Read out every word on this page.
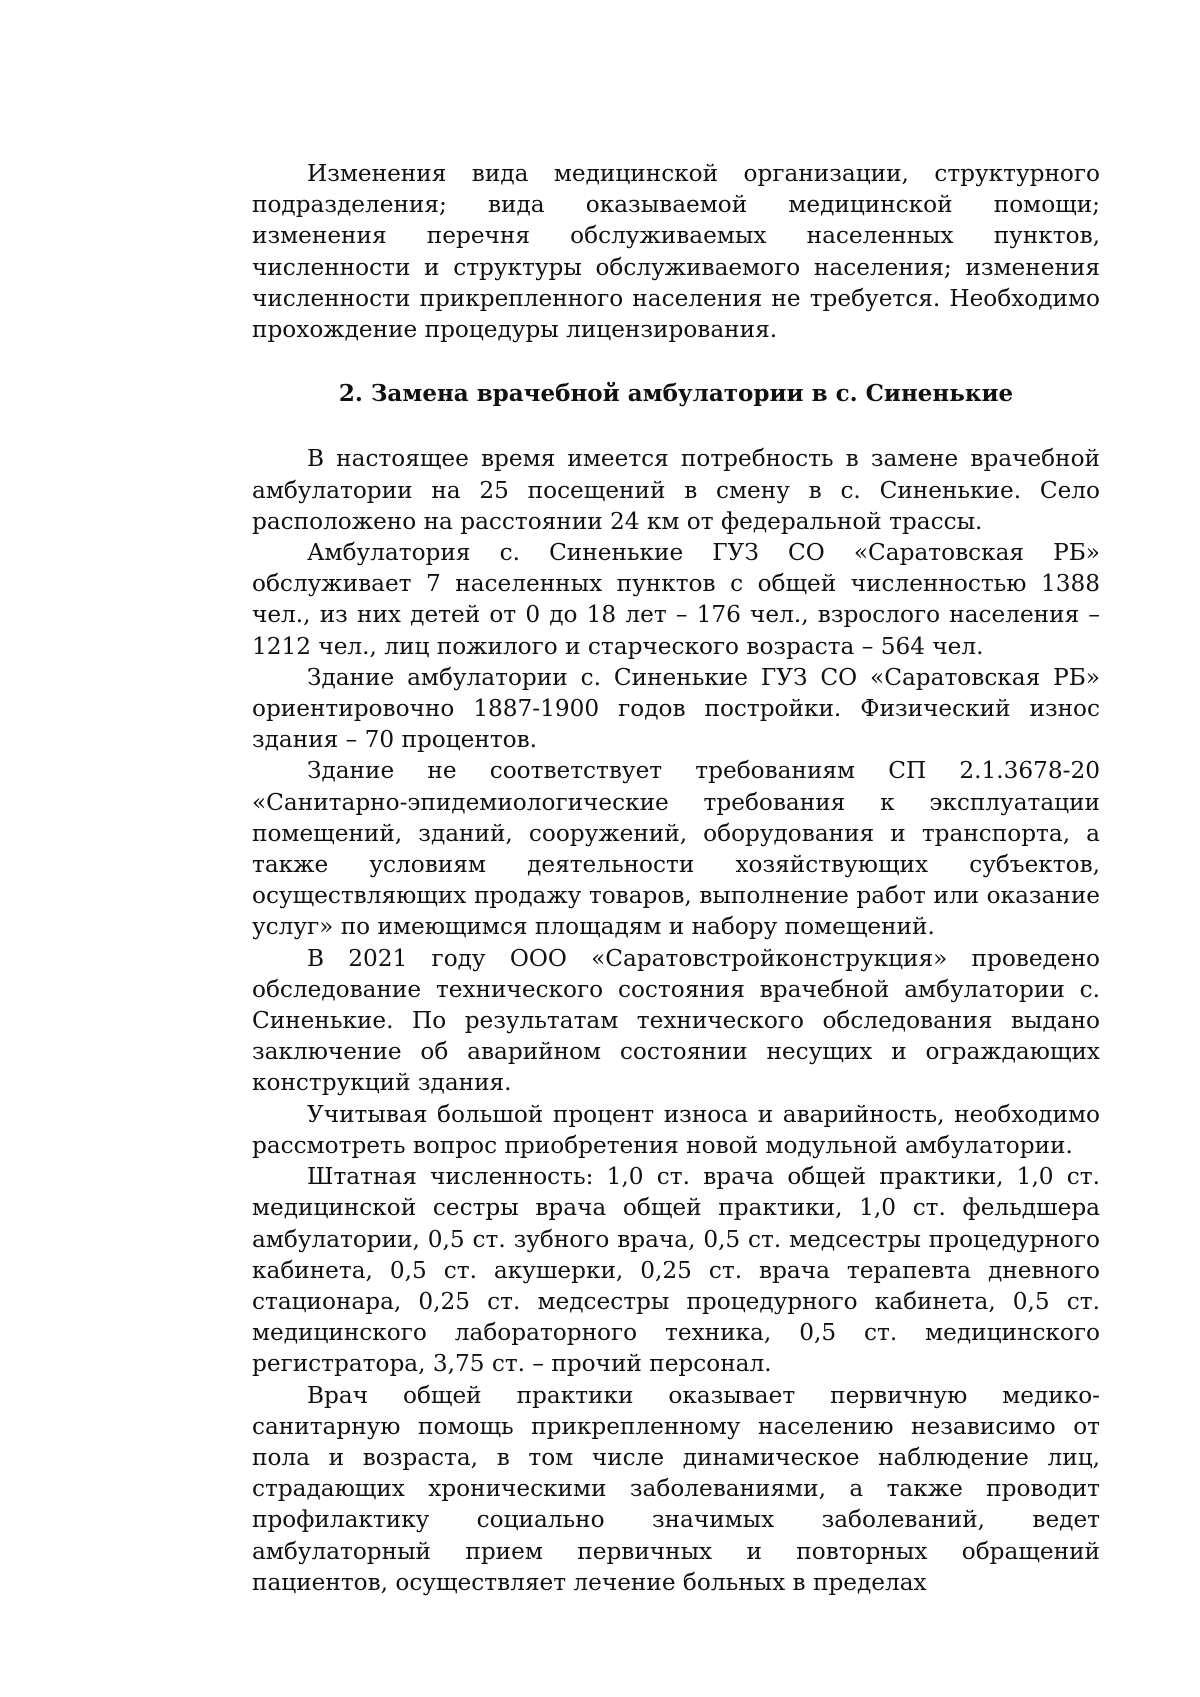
Изменения вида медицинской организации, структурного подразделения; вида оказываемой медицинской помощи; изменения перечня обслуживаемых населенных пунктов, численности и структуры обслуживаемого населения; изменения численности прикрепленного населения не требуется. Необходимо прохождение процедуры лицензирования.

2. Замена врачебной амбулатории в с. Синенькие

В настоящее время имеется потребность в замене врачебной амбулатории на 25 посещений в смену в с. Синенькие. Село расположено на расстоянии 24 км от федеральной трассы.

Амбулатория с. Синенькие ГУЗ СО «Саратовская РБ» обслуживает 7 населенных пунктов с общей численностью 1388 чел., из них детей от 0 до 18 лет – 176 чел., взрослого населения – 1212 чел., лиц пожилого и старческого возраста – 564 чел.

Здание амбулатории с. Синенькие ГУЗ СО «Саратовская РБ» ориентировочно 1887-1900 годов постройки. Физический износ здания – 70 процентов.

Здание не соответствует требованиям СП 2.1.3678-20 «Санитарно-эпидемиологические требования к эксплуатации помещений, зданий, сооружений, оборудования и транспорта, а также условиям деятельности хозяйствующих субъектов, осуществляющих продажу товаров, выполнение работ или оказание услуг» по имеющимся площадям и набору помещений.

В 2021 году ООО «Саратовстройконструкция» проведено обследование технического состояния врачебной амбулатории с. Синенькие. По результатам технического обследования выдано заключение об аварийном состоянии несущих и ограждающих конструкций здания.

Учитывая большой процент износа и аварийность, необходимо рассмотреть вопрос приобретения новой модульной амбулатории.

Штатная численность: 1,0 ст. врача общей практики, 1,0 ст. медицинской сестры врача общей практики, 1,0 ст. фельдшера амбулатории, 0,5 ст. зубного врача, 0,5 ст. медсестры процедурного кабинета, 0,5 ст. акушерки, 0,25 ст. врача терапевта дневного стационара, 0,25 ст. медсестры процедурного кабинета, 0,5 ст. медицинского лабораторного техника, 0,5 ст. медицинского регистратора, 3,75 ст. – прочий персонал.

Врач общей практики оказывает первичную медико-санитарную помощь прикрепленному населению независимо от пола и возраста, в том числе динамическое наблюдение лиц, страдающих хроническими заболеваниями, а также проводит профилактику социально значимых заболеваний, ведет амбулаторный прием первичных и повторных обращений пациентов, осуществляет лечение больных в пределах
